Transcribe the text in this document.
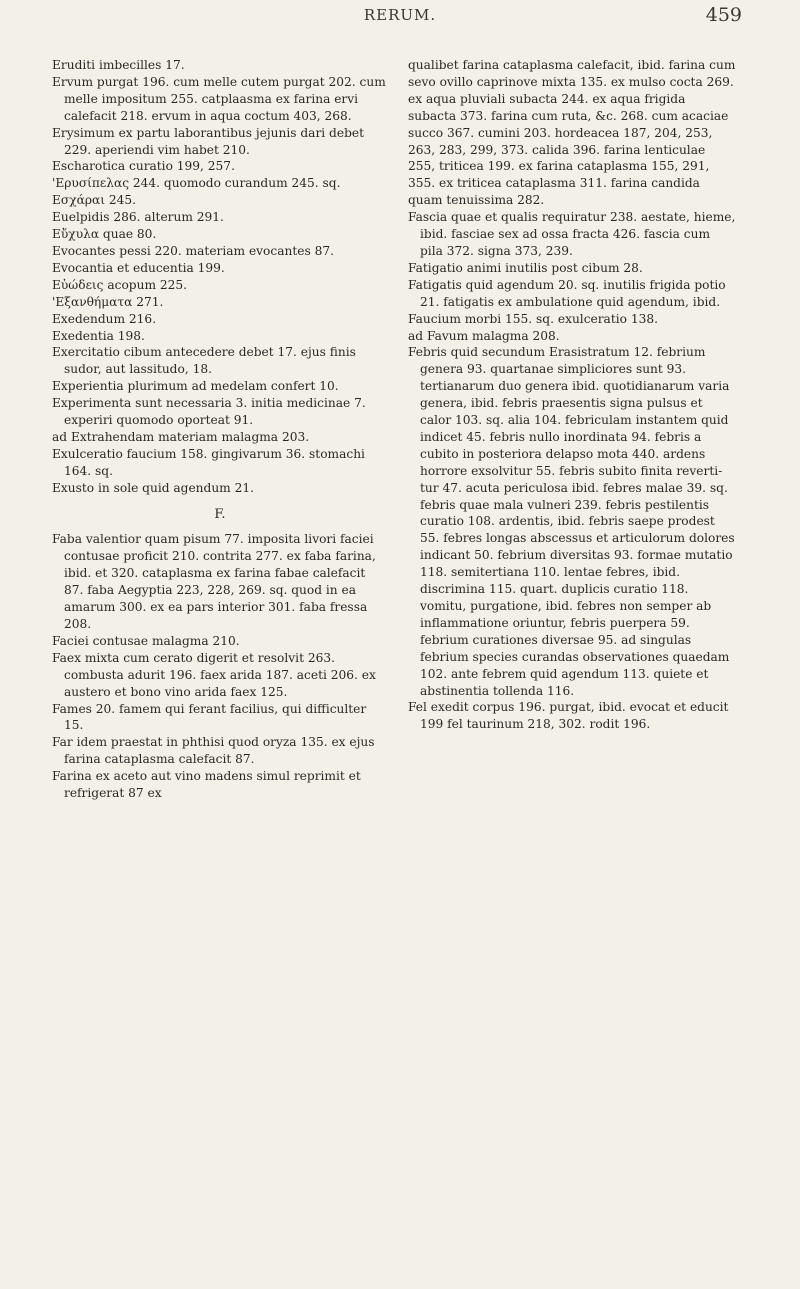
RERUM.	459

Eruditi imbecilles 17.

Ervum purgat 196. cum melle cutem purgat 202. cum melle impositum 255. catplaasma ex farina ervi calefacit 218. ervum in aqua coctum 403, 268.

Erysimum ex partu laborantibus jejunis dari debet 229. aperiendi vim habet 210.

Escharotica curatio 199, 257.

'Ερυσίπελας 244. quomodo curandum 245. sq.

Εσχάραι 245.

Euelpidis 286. alterum 291.

Εὔχυλα quae 80.

Evocantes pessi 220. materiam evocantes 87.

Evocantia et educentia 199.

Εὐώδεις acopum 225.

'Εξανθήματα 271.

Exedendum 216.

Exedentia 198.

Exercitatio cibum antecedere debet 17. ejus finis sudor, aut lassitudo, 18.

Experientia plurimum ad medelam confert 10.

Experimenta sunt necessaria 3. initia medicinae 7. experiri quomodo oporteat 91.

ad Extrahendam materiam malagma 203.

Exulceratio faucium 158. gingivarum 36. stomachi 164. sq.

Exusto in sole quid agendum 21.

F.

Faba valentior quam pisum 77. imposita livori faciei contusae proficit 210. contrita 277. ex faba farina, ibid. et 320. cataplasma ex farina fabae calefacit 87. faba Aegyptia 223, 228, 269. sq. quod in ea amarum 300. ex ea pars interior 301. faba fressa 208.

Faciei contusae malagma 210.

Faex mixta cum cerato digerit et resolvit 263. combusta adurit 196. faex arida 187. aceti 206. ex austero et bono vino arida faex 125.

Fames 20. famem qui ferant facilius, qui difficulter 15.

Far idem praestat in phthisi quod oryza 135. ex ejus farina cataplasma calefacit 87.

Farina ex aceto aut vino madens simul reprimit et refrigerat 87 ex

qualibet farina cataplasma calefacit, ibid. farina cum sevo ovillo caprinove mixta 135. ex mulso cocta 269. ex aqua pluviali subacta 244. ex aqua frigida subacta 373. farina cum ruta, &c. 268. cum acaciae succo 367. cumini 203. hordeacea 187, 204, 253, 263, 283, 299, 373. calida 396. farina lenticulae 255, triticea 199. ex farina cataplasma 155, 291, 355. ex triticea cataplasma 311. farina candida quam tenuissima 282.

Fascia quae et qualis requiratur 238. aestate, hieme, ibid. fasciae sex ad ossa fracta 426. fascia cum pila 372. signa 373, 239.

Fatigatio animi inutilis post cibum 28.

Fatigatis quid agendum 20. sq. inutilis frigida potio 21. fatigatis ex ambulatione quid agendum, ibid.

Faucium morbi 155. sq. exulceratio 138.

ad Favum malagma 208.

Febris quid secundum Erasistratum 12. febrium genera 93. quartanae simpliciores sunt 93. tertianarum duo genera ibid. quotidianarum varia genera, ibid. febris praesentis signa pulsus et calor 103. sq. alia 104. febriculam instantem quid indicet 45. febris nullo inordinata 94. febris a cubito in posteriora delapso mota 440. ardens horrore exsolvitur 55. febris subito finita reverti-tur 47. acuta periculosa ibid. febres malae 39. sq. febris quae mala vulneri 239. febris pestilentis curatio 108. ardentis, ibid. febris saepe prodest 55. febres longas abscessus et articulorum dolores indicant 50. febrium diversitas 93. formae mutatio 118. semitertiana 110. lentae febres, ibid. discrimina 115. quart. duplicis curatio 118. vomitu, purgatione, ibid. febres non semper ab inflammatione oriuntur, febris puerpera 59. febrium curationes diversae 95. ad singulas febrium species curandas observationes quaedam 102. ante febrem quid agendum 113. quiete et abstinentia tollenda 116.

Fel exedit corpus 196. purgat, ibid. evocat et educit 199 fel taurinum 218, 302. rodit 196.
